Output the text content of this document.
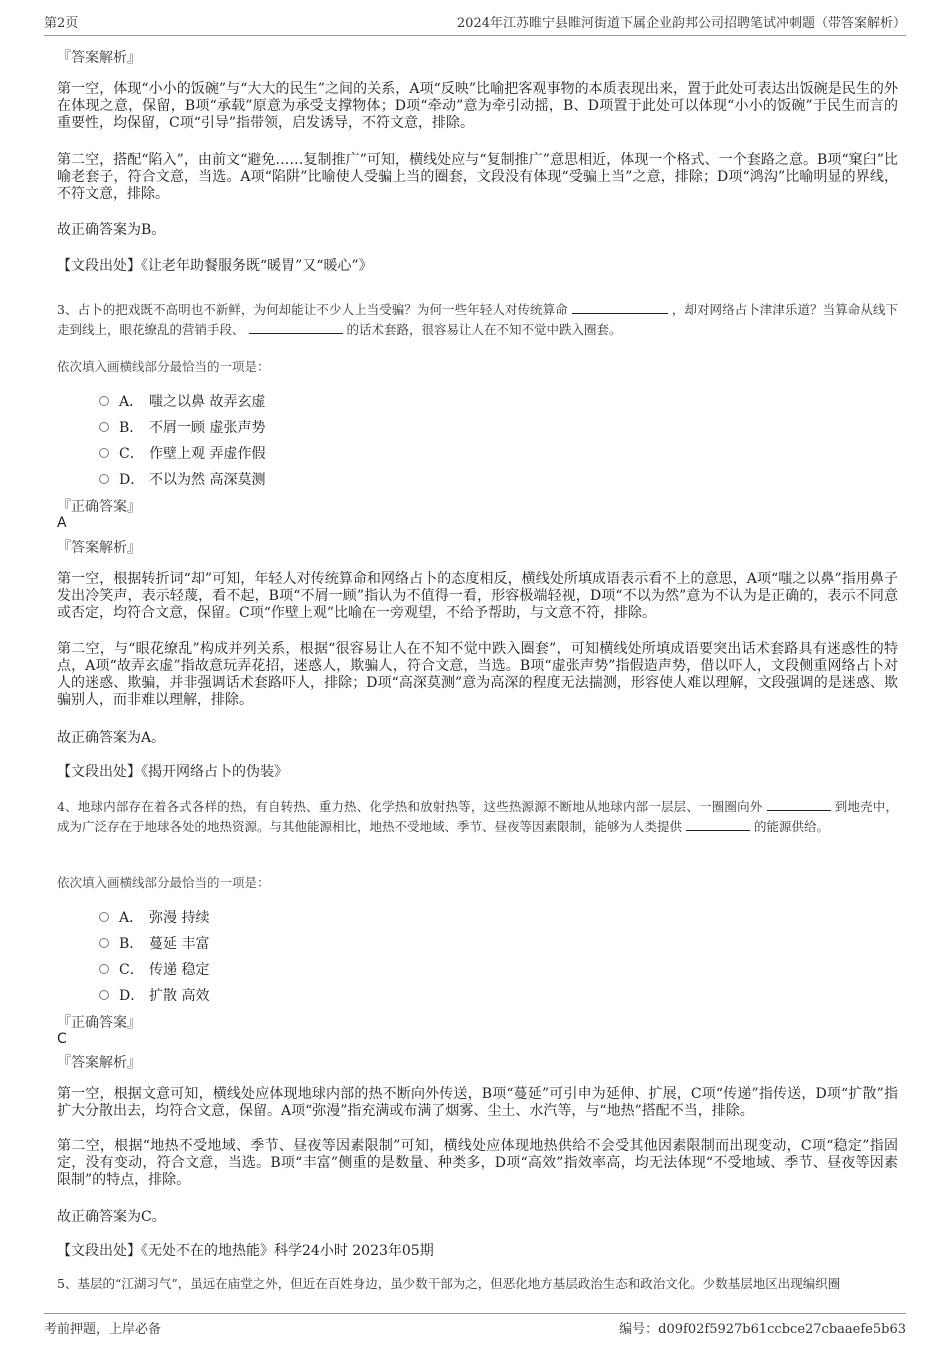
第2页	2024年江苏睢宁县睢河街道下属企业韵邦公司招聘笔试冲刺题（带答案解析）
『答案解析』
第一空，体现“小小的饭碗”与“大大的民生”之间的关系，A项“反映”比喻把客观事物的本质表现出来，置于此处可表达出饭碗是民生的外在体现之意，保留，B项“承载”原意为承受支撑物体；D项“牵动”意为牵引动摇，B、D项置于此处可以体现“小小的饭碗”于民生而言的重要性，均保留，C项“引导”指带领，启发诱导，不符文意，排除。
第二空，搭配“陷入”，由前文“避免……复制推广”可知，横线处应与“复制推广”意思相近，体现一个格式、一个套路之意。B项“窠臼”比喻老套子，符合文意，当选。A项“陷阱”比喻使人受骗上当的圈套，文段没有体现“受骗上当”之意，排除；D项“鸿沟”比喻明显的界线，不符文意，排除。
故正确答案为B。
【文段出处】《让老年助餐服务既“暖胃”又“暖心”》
3、占卜的把戏既不高明也不新鲜，为何却能让不少人上当受骗？为何一些年轻人对传统算命	，却对网络占卜津津乐道？当算命从线下走到线上，眼花缭乱的营销手段、	的话术套路，很容易让人在不知不觉中跌入圈套。
依次填入画横线部分最恰当的一项是：
A． 嗤之以鼻 故弄玄虚
B． 不屑一顾 虚张声势
C． 作壁上观 弄虚作假
D． 不以为然 高深莫测
『正确答案』
A
『答案解析』
第一空，根据转折词“却”可知，年轻人对传统算命和网络占卜的态度相反，横线处所填成语表示看不上的意思，A项“嗤之以鼻”指用鼻子发出冷笑声，表示轻蔑，看不起，B项“不屑一顾”指认为不值得一看，形容极端轻视，D项“不以为然”意为不认为是正确的，表示不同意或否定，均符合文意，保留。C项“作壁上观”比喻在一旁观望，不给予帮助，与文意不符，排除。
第二空，与“眼花缭乱”构成并列关系，根据“很容易让人在不知不觉中跌入圈套”，可知横线处所填成语要突出话术套路具有迷惑性的特点，A项“故弄玄虚”指故意玩弄花招，迷惑人，欺骗人，符合文意，当选。B项“虚张声势”指假造声势，借以吓人，文段侧重网络占卜对人的迷惑、欺骗，并非强调话术套路吓人，排除；D项“高深莫测”意为高深的程度无法揣测，形容使人难以理解，文段强调的是迷惑、欺骗别人，而非难以理解，排除。
故正确答案为A。
【文段出处】《揭开网络占卜的伪装》
4、地球内部存在着各式各样的热，有自转热、重力热、化学热和放射热等，这些热源源不断地从地球内部一层层、一圈圈向外	到地壳中，成为广泛存在于地球各处的地热资源。与其他能源相比，地热不受地域、季节、昼夜等因素限制，能够为人类提供	的能源供给。
依次填入画横线部分最恰当的一项是：
A． 弥漫 持续
B． 蔓延 丰富
C． 传递 稳定
D． 扩散 高效
『正确答案』
C
『答案解析』
第一空，根据文意可知，横线处应体现地球内部的热不断向外传送，B项“蔓延”可引申为延伸、扩展，C项“传递”指传送，D项“扩散”指扩大分散出去，均符合文意，保留。A项“弥漫”指充满或布满了烟雾、尘土、水汽等，与“地热”搭配不当，排除。
第二空，根据“地热不受地域、季节、昼夜等因素限制”可知，横线处应体现地热供给不会受其他因素限制而出现变动，C项“稳定”指固定，没有变动，符合文意，当选。B项“丰富”侧重的是数量、种类多，D项“高效”指效率高，均无法体现“不受地域、季节、昼夜等因素限制”的特点，排除。
故正确答案为C。
【文段出处】《无处不在的地热能》科学24小时 2023年05期
5、基层的“江湖习气”，虽远在庙堂之外，但近在百姓身边，虽少数干部为之，但恶化地方基层政治生态和政治文化。少数基层地区出现编织圈
考前押题，上岸必备	编号：d09f02f5927b61ccbce27cbaaefe5b63
